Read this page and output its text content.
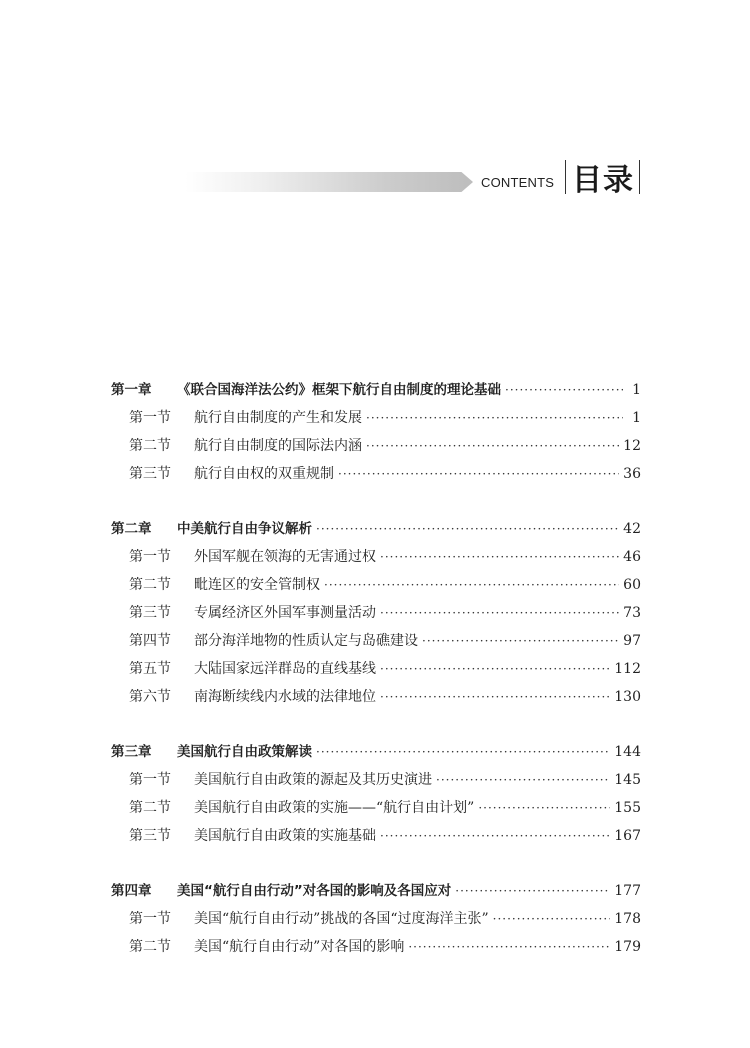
CONTENTS 目录
第一章	《联合国海洋法公约》框架下航行自由制度的理论基础 ·····	1
第一节	航行自由制度的产生和发展 ·····	1
第二节	航行自由制度的国际法内涵 ·····	12
第三节	航行自由权的双重规制 ·····	36
第二章	中美航行自由争议解析 ·····	42
第一节	外国军舰在领海的无害通过权 ·····	46
第二节	毗连区的安全管制权 ·····	60
第三节	专属经济区外国军事测量活动 ·····	73
第四节	部分海洋地物的性质认定与岛礁建设 ·····	97
第五节	大陆国家远洋群岛的直线基线 ·····	112
第六节	南海断续线内水域的法律地位 ·····	130
第三章	美国航行自由政策解读 ·····	144
第一节	美国航行自由政策的源起及其历史演进 ·····	145
第二节	美国航行自由政策的实施——“航行自由计划” ·····	155
第三节	美国航行自由政策的实施基础 ·····	167
第四章	美国“航行自由行动”对各国的影响及各国应对 ·····	177
第一节	美国“航行自由行动”挑战的各国“过度海洋主张” ·····	178
第二节	美国“航行自由行动”对各国的影响 ·····	179
